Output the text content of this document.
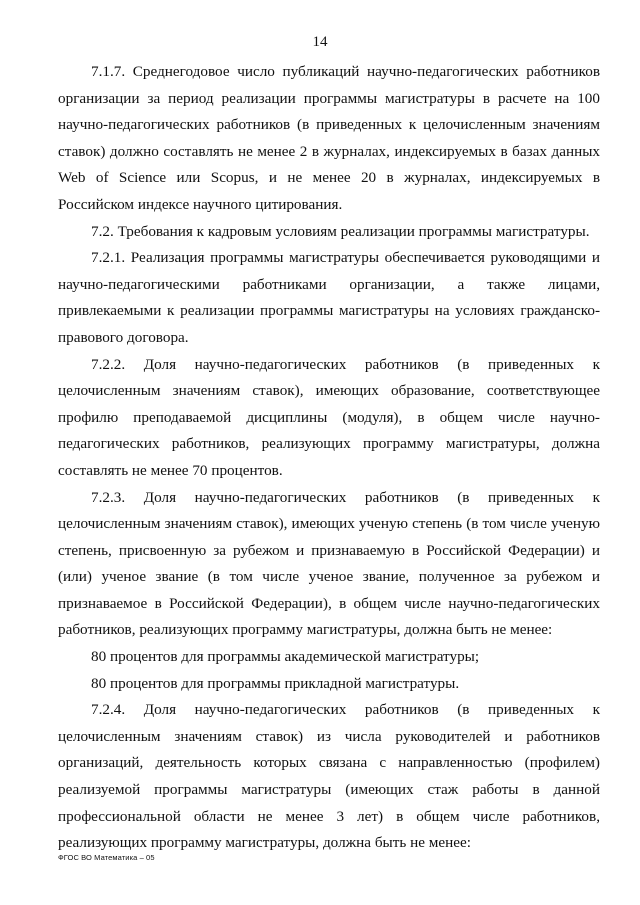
14

7.1.7. Среднегодовое число публикаций научно-педагогических работников организации за период реализации программы магистратуры в расчете на 100 научно-педагогических работников (в приведенных к целочисленным значениям ставок) должно составлять не менее 2 в журналах, индексируемых в базах данных Web of Science или Scopus, и не менее 20 в журналах, индексируемых в Российском индексе научного цитирования.

7.2. Требования к кадровым условиям реализации программы магистратуры.

7.2.1. Реализация программы магистратуры обеспечивается руководящими и научно-педагогическими работниками организации, а также лицами, привлекаемыми к реализации программы магистратуры на условиях гражданско-правового договора.

7.2.2. Доля научно-педагогических работников (в приведенных к целочисленным значениям ставок), имеющих образование, соответствующее профилю преподаваемой дисциплины (модуля), в общем числе научно-педагогических работников, реализующих программу магистратуры, должна составлять не менее 70 процентов.

7.2.3. Доля научно-педагогических работников (в приведенных к целочисленным значениям ставок), имеющих ученую степень (в том числе ученую степень, присвоенную за рубежом и признаваемую в Российской Федерации) и (или) ученое звание (в том числе ученое звание, полученное за рубежом и признаваемое в Российской Федерации), в общем числе научно-педагогических работников, реализующих программу магистратуры, должна быть не менее:

80 процентов для программы академической магистратуры;

80 процентов для программы прикладной магистратуры.

7.2.4. Доля научно-педагогических работников (в приведенных к целочисленным значениям ставок) из числа руководителей и работников организаций, деятельность которых связана с направленностью (профилем) реализуемой программы магистратуры (имеющих стаж работы в данной профессиональной области не менее 3 лет) в общем числе работников, реализующих программу магистратуры, должна быть не менее:

ФГОС ВО Математика – 05
